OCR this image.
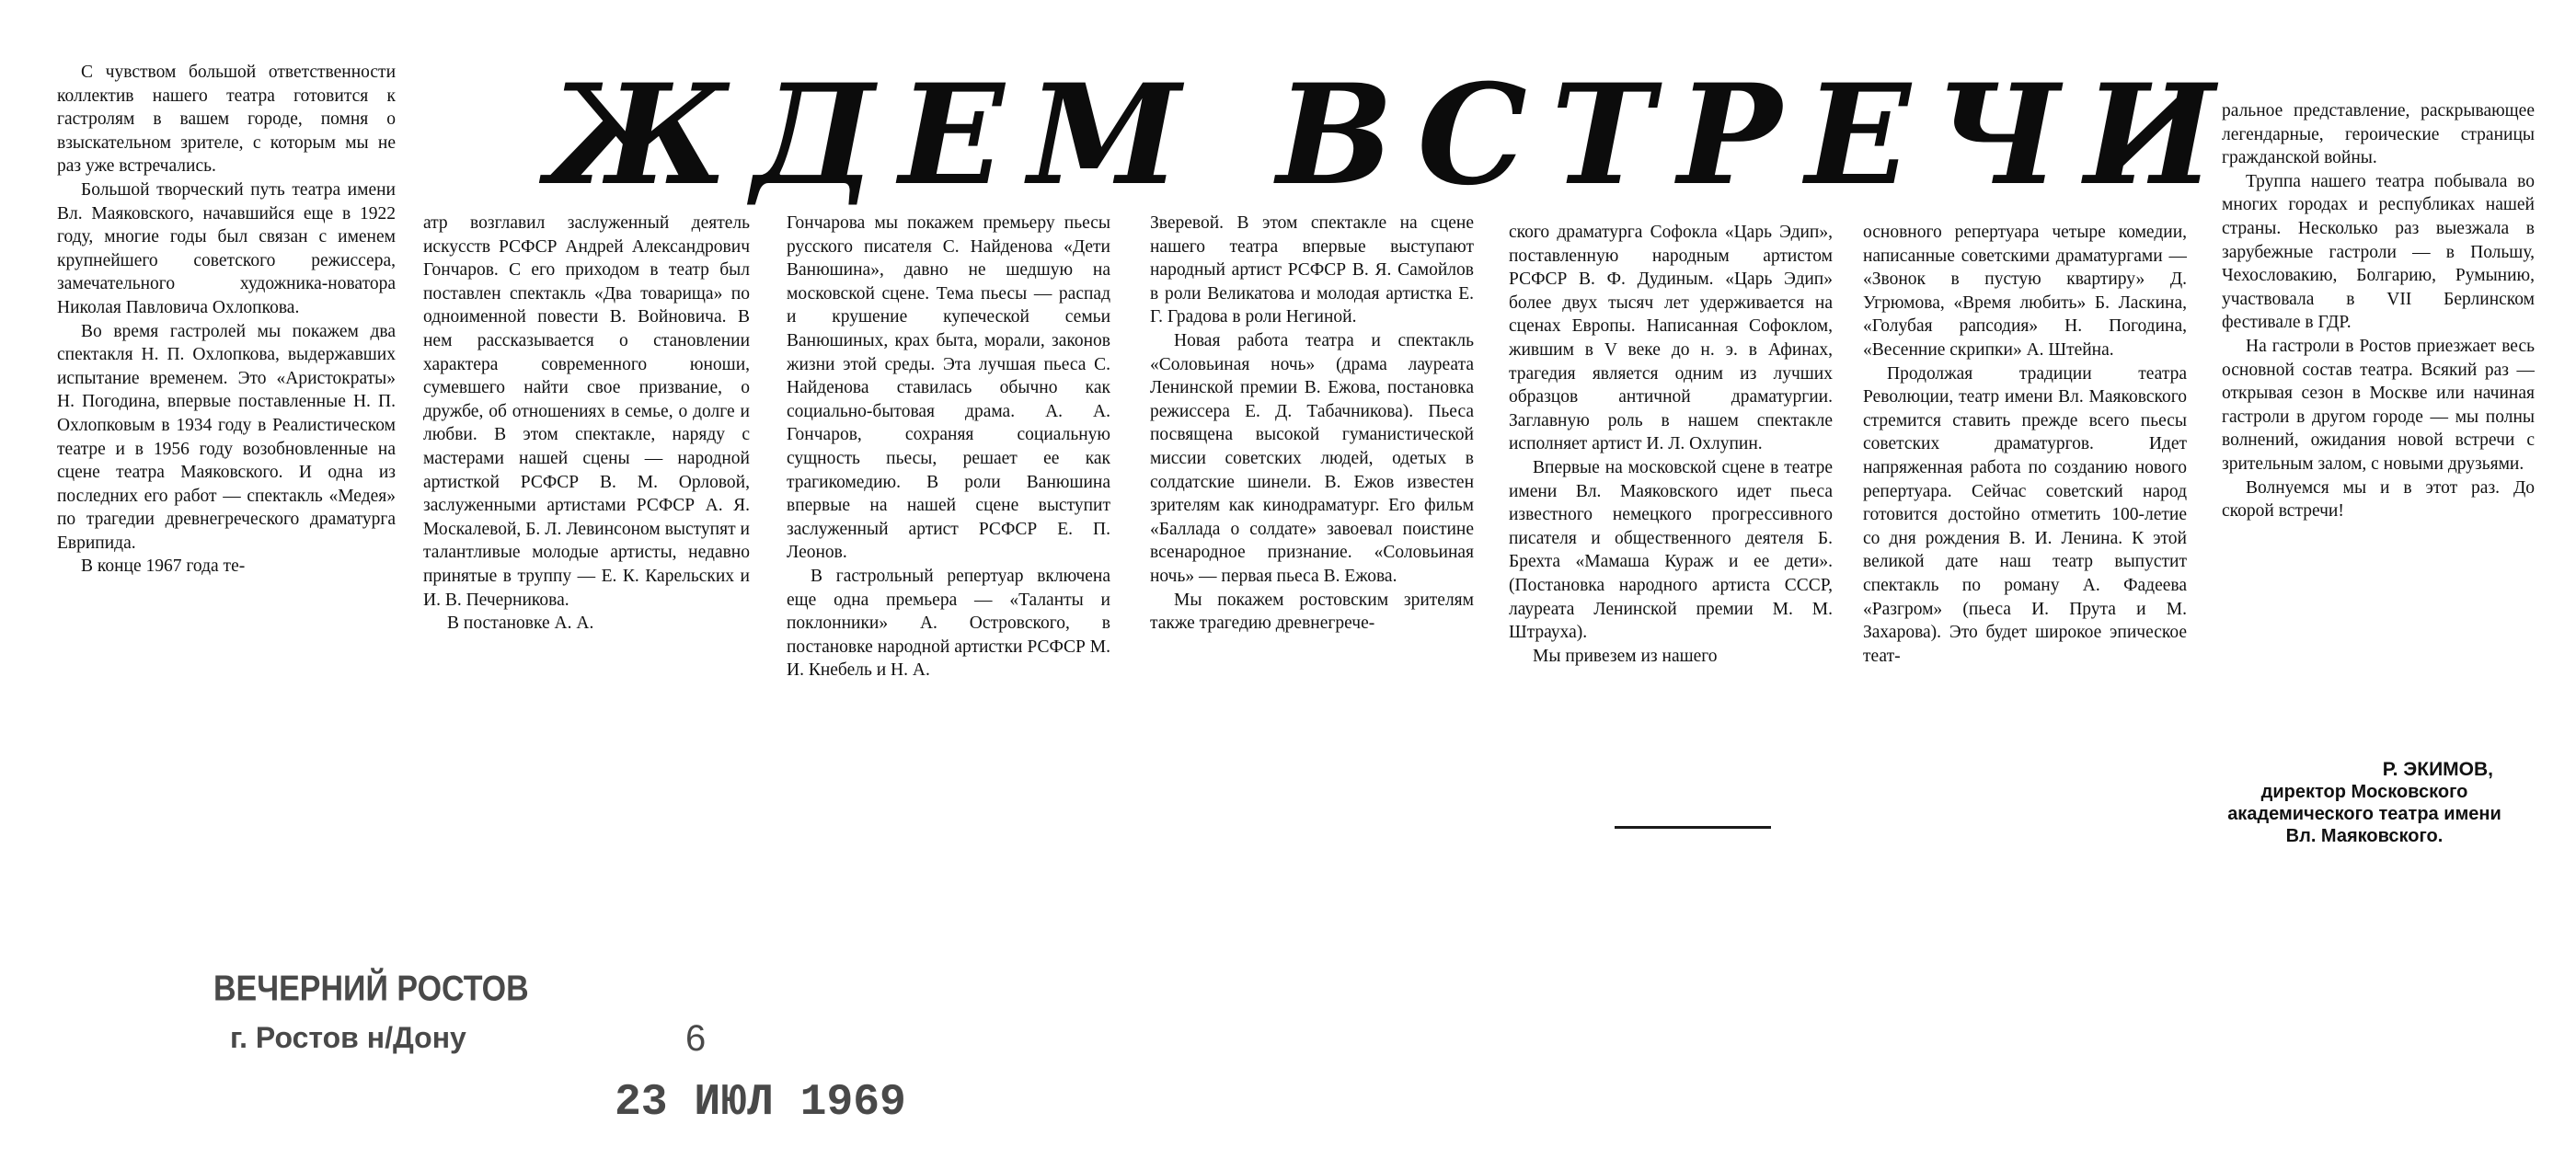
ЖДЕМ ВСТРЕЧИ

С чувством большой ответственности коллектив нашего театра готовится к гастролям в вашем городе, помня о взыскательном зрителе, с которым мы не раз уже встречались.

Большой творческий путь театра имени Вл. Маяковского, начавшийся еще в 1922 году, многие годы был связан с именем крупнейшего советского режиссера, замечательного художника-новатора Николая Павловича Охлопкова.

Во время гастролей мы покажем два спектакля Н. П. Охлопкова, выдержавших испытание временем. Это «Аристократы» Н. Погодина, впервые поставленные Н. П. Охлопковым в 1934 году в Реалистическом театре и в 1956 году возобновленные на сцене театра Маяковского. И одна из последних его работ — спектакль «Медея» по трагедии древнегреческого драматурга Еврипида.

В конце 1967 года те-

атр возглавил заслуженный деятель искусств РСФСР Андрей Александрович Гончаров. С его приходом в театр был поставлен спектакль «Два товарища» по одноименной повести В. Войновича. В нем рассказывается о становлении характера современного юноши, сумевшего найти свое призвание, о дружбе, об отношениях в семье, о долге и любви. В этом спектакле, наряду с мастерами нашей сцены — народной артисткой РСФСР В. М. Орловой, заслуженными артистами РСФСР А. Я. Москалевой, Б. Л. Левинсоном выступят и талантливые молодые артисты, недавно принятые в труппу — Е. К. Карельских и И. В. Печерникова.

В постановке А. А.

Гончарова мы покажем премьеру пьесы русского писателя С. Найденова «Дети Ванюшина», давно не шедшую на московской сцене. Тема пьесы — распад и крушение купеческой семьи Ванюшиных, крах быта, морали, законов жизни этой среды. Эта лучшая пьеса С. Найденова ставилась обычно как социально-бытовая драма. А. А. Гончаров, сохраняя социальную сущность пьесы, решает ее как трагикомедию. В роли Ванюшина впервые на нашей сцене выступит заслуженный артист РСФСР Е. П. Леонов.

В гастрольный репертуар включена еще одна премьера — «Таланты и поклонники» А. Островского, в постановке народной артистки РСФСР М. И. Кнебель и Н. А.

Зверевой. В этом спектакле на сцене нашего театра впервые выступают народный артист РСФСР В. Я. Самойлов в роли Великатова и молодая артистка Е. Г. Градова в роли Негиной.

Новая работа театра и спектакль «Соловьиная ночь» (драма лауреата Ленинской премии В. Ежова, постановка режиссера Е. Д. Табачникова). Пьеса посвящена высокой гуманистической миссии советских людей, одетых в солдатские шинели. В. Ежов известен зрителям как кинодраматург. Его фильм «Баллада о солдате» завоевал поистине всенародное признание. «Соловьиная ночь» — первая пьеса В. Ежова.

Мы покажем ростовским зрителям также трагедию древнегрече-

ского драматурга Софокла «Царь Эдип», поставленную народным артистом РСФСР В. Ф. Дудиным. «Царь Эдип» более двух тысяч лет удерживается на сценах Европы. Написанная Софоклом, жившим в V веке до н. э. в Афинах, трагедия является одним из лучших образцов античной драматургии. Заглавную роль в нашем спектакле исполняет артист И. Л. Охлупин.

Впервые на московской сцене в театре имени Вл. Маяковского идет пьеса известного немецкого прогрессивного писателя и общественного деятеля Б. Брехта «Мамаша Кураж и ее дети». (Постановка народного артиста СССР, лауреата Ленинской премии М. М. Штрауха).

Мы привезем из нашего

основного репертуара четыре комедии, написанные советскими драматургами — «Звонок в пустую квартиру» Д. Угрюмова, «Время любить» Б. Ласкина, «Голубая рапсодия» Н. Погодина, «Весенние скрипки» А. Штейна.

Продолжая традиции театра Революции, театр имени Вл. Маяковского стремится ставить прежде всего пьесы советских драматургов. Идет напряженная работа по созданию нового репертуара. Сейчас советский народ готовится достойно отметить 100-летие со дня рождения В. И. Ленина. К этой великой дате наш театр выпустит спектакль по роману А. Фадеева «Разгром» (пьеса И. Прута и М. Захарова). Это будет широкое эпическое теат-

ральное представление, раскрывающее легендарные, героические страницы гражданской войны.

Труппа нашего театра побывала во многих городах и республиках нашей страны. Несколько раз выезжала в зарубежные гастроли — в Польшу, Чехословакию, Болгарию, Румынию, участвовала в VII Берлинском фестивале в ГДР.

На гастроли в Ростов приезжает весь основной состав театра. Всякий раз — открывая сезон в Москве или начиная гастроли в другом городе — мы полны волнений, ожидания новой встречи с зрительным залом, с новыми друзьями.

Волнуемся мы и в этот раз. До скорой встречи!

Р. ЭКИМОВ,
директор Московского академического театра имени Вл. Маяковского.
ВЕЧЕРНИЙ РОСТОВ
г. Ростов н/Дону	6
23 ИЮЛ 1969
